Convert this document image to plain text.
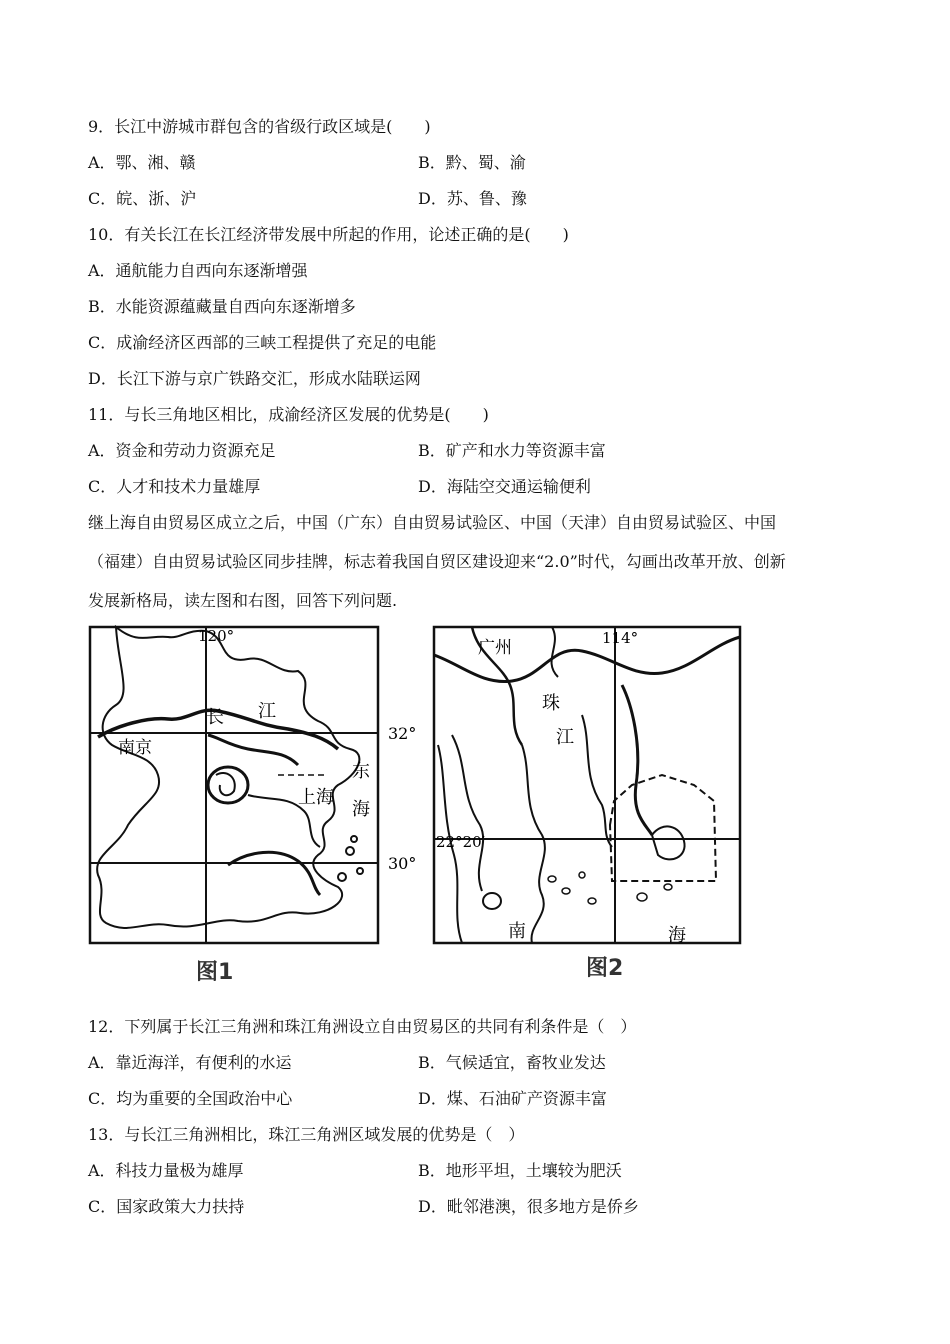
9．长江中游城市群包含的省级行政区域是(　　)
A．鄂、湘、赣	B．黔、蜀、渝
C．皖、浙、沪	D．苏、鲁、豫
10．有关长江在长江经济带发展中所起的作用，论述正确的是(　　)
A．通航能力自西向东逐渐增强
B．水能资源蕴藏量自西向东逐渐增多
C．成渝经济区西部的三峡工程提供了充足的电能
D．长江下游与京广铁路交汇，形成水陆联运网
11．与长三角地区相比，成渝经济区发展的优势是(　　)
A．资金和劳动力资源充足	B．矿产和水力等资源丰富
C．人才和技术力量雄厚	D．海陆空交通运输便利
继上海自由贸易区成立之后，中国（广东）自由贸易试验区、中国（天津）自由贸易试验区、中国
（福建）自由贸易试验区同步挂牌，标志着我国自贸区建设迎来“2.0”时代，勾画出改革开放、创新
发展新格局，读左图和右图，回答下列问题.
120°
32°
30°
长 江
南京
上海
东
海
图1
广州	114°
珠
江
22°20′
南	海
图2
12．下列属于长江三角洲和珠江角洲设立自由贸易区的共同有利条件是（　）
A．靠近海洋，有便利的水运	B．气候适宜，畜牧业发达
C．均为重要的全国政治中心	D．煤、石油矿产资源丰富
13．与长江三角洲相比，珠江三角洲区域发展的优势是（　）
A．科技力量极为雄厚	B．地形平坦，土壤较为肥沃
C．国家政策大力扶持	D．毗邻港澳，很多地方是侨乡
